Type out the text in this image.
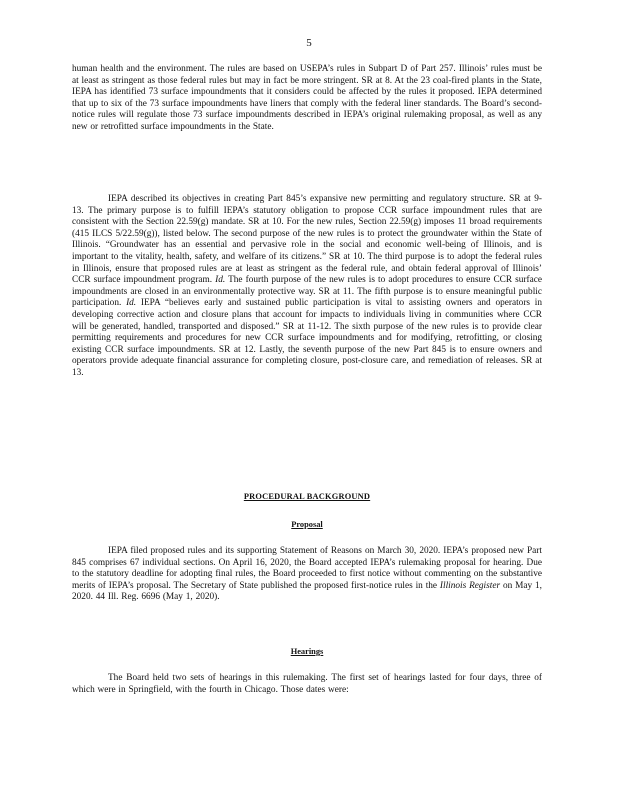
5

human health and the environment. The rules are based on USEPA’s rules in Subpart D of Part 257. Illinois’ rules must be at least as stringent as those federal rules but may in fact be more stringent. SR at 8. At the 23 coal-fired plants in the State, IEPA has identified 73 surface impoundments that it considers could be affected by the rules it proposed. IEPA determined that up to six of the 73 surface impoundments have liners that comply with the federal liner standards. The Board’s second-notice rules will regulate those 73 surface impoundments described in IEPA’s original rulemaking proposal, as well as any new or retrofitted surface impoundments in the State.

IEPA described its objectives in creating Part 845’s expansive new permitting and regulatory structure. SR at 9-13. The primary purpose is to fulfill IEPA’s statutory obligation to propose CCR surface impoundment rules that are consistent with the Section 22.59(g) mandate. SR at 10. For the new rules, Section 22.59(g) imposes 11 broad requirements (415 ILCS 5/22.59(g)), listed below. The second purpose of the new rules is to protect the groundwater within the State of Illinois. “Groundwater has an essential and pervasive role in the social and economic well-being of Illinois, and is important to the vitality, health, safety, and welfare of its citizens.” SR at 10. The third purpose is to adopt the federal rules in Illinois, ensure that proposed rules are at least as stringent as the federal rule, and obtain federal approval of Illinois’ CCR surface impoundment program. Id. The fourth purpose of the new rules is to adopt procedures to ensure CCR surface impoundments are closed in an environmentally protective way. SR at 11. The fifth purpose is to ensure meaningful public participation. Id. IEPA “believes early and sustained public participation is vital to assisting owners and operators in developing corrective action and closure plans that account for impacts to individuals living in communities where CCR will be generated, handled, transported and disposed.” SR at 11-12. The sixth purpose of the new rules is to provide clear permitting requirements and procedures for new CCR surface impoundments and for modifying, retrofitting, or closing existing CCR surface impoundments. SR at 12. Lastly, the seventh purpose of the new Part 845 is to ensure owners and operators provide adequate financial assurance for completing closure, post-closure care, and remediation of releases. SR at 13.

PROCEDURAL BACKGROUND
Proposal

IEPA filed proposed rules and its supporting Statement of Reasons on March 30, 2020. IEPA’s proposed new Part 845 comprises 67 individual sections. On April 16, 2020, the Board accepted IEPA’s rulemaking proposal for hearing. Due to the statutory deadline for adopting final rules, the Board proceeded to first notice without commenting on the substantive merits of IEPA’s proposal. The Secretary of State published the proposed first-notice rules in the Illinois Register on May 1, 2020. 44 Ill. Reg. 6696 (May 1, 2020).

Hearings

The Board held two sets of hearings in this rulemaking. The first set of hearings lasted for four days, three of which were in Springfield, with the fourth in Chicago. Those dates were:
